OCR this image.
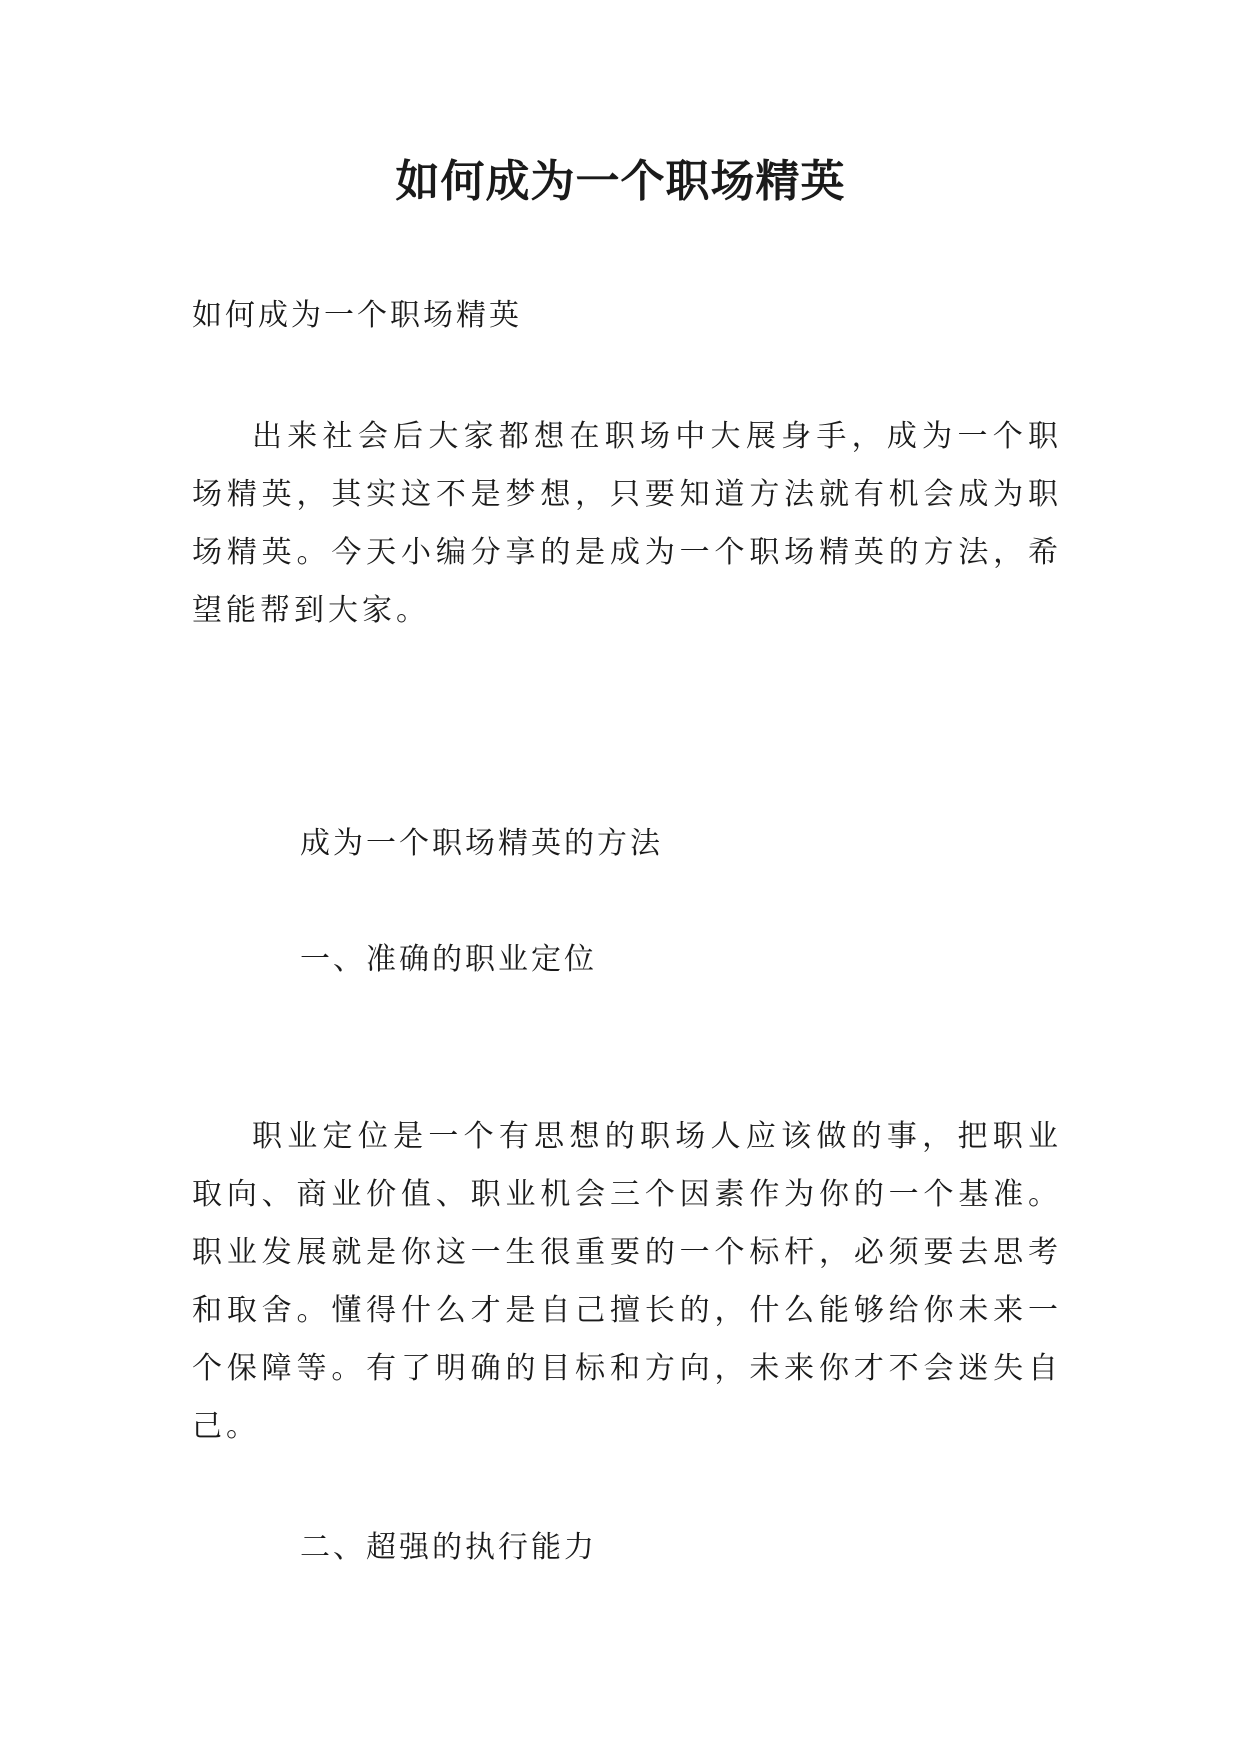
如何成为一个职场精英
如何成为一个职场精英

出来社会后大家都想在职场中大展身手，成为一个职场精英，其实这不是梦想，只要知道方法就有机会成为职场精英。今天小编分享的是成为一个职场精英的方法，希望能帮到大家。

成为一个职场精英的方法
一、准确的职业定位

职业定位是一个有思想的职场人应该做的事，把职业取向、商业价值、职业机会三个因素作为你的一个基准。职业发展就是你这一生很重要的一个标杆，必须要去思考和取舍。懂得什么才是自己擅长的，什么能够给你未来一个保障等。有了明确的目标和方向，未来你才不会迷失自己。

二、超强的执行能力
